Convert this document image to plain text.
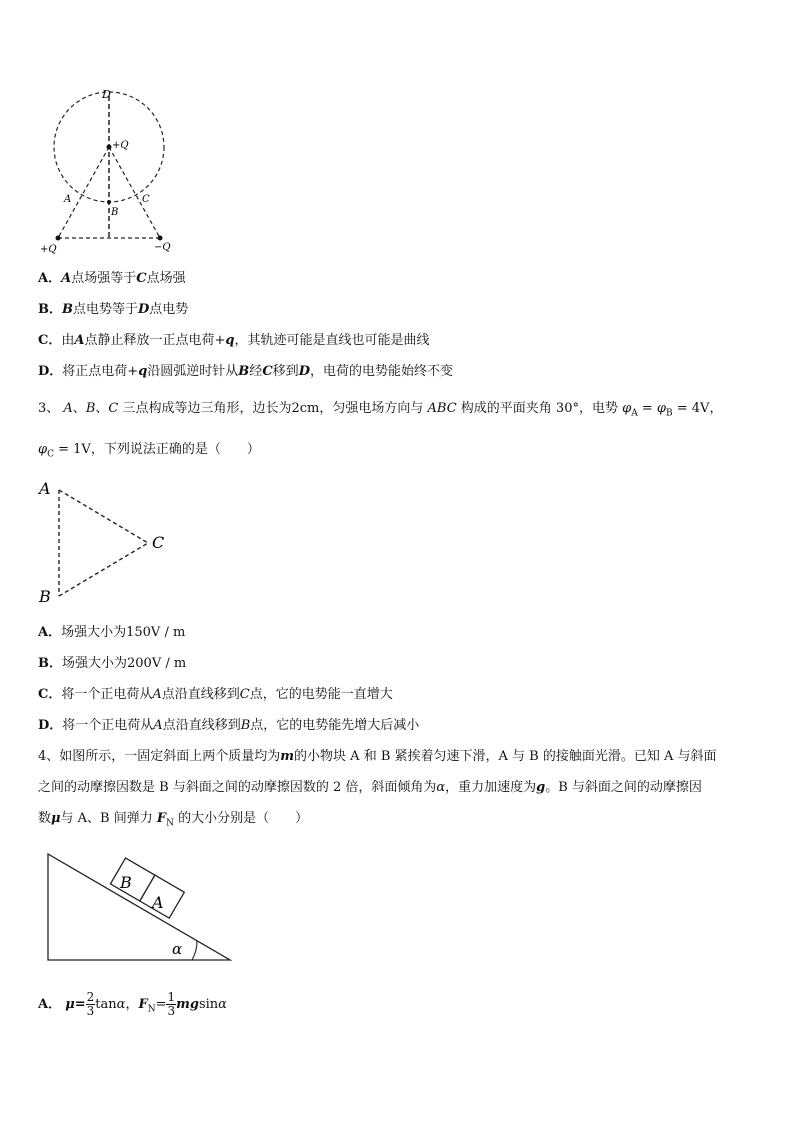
D
+Q
A
B
C
+Q	−Q
A．A点场强等于C点场强
B．B点电势等于D点电势
C．由A点静止释放一正点电荷+q，其轨迹可能是直线也可能是曲线
D．将正点电荷+q沿圆弧逆时针从B经C移到D，电荷的电势能始终不变
3、 A、B、C 三点构成等边三角形，边长为2cm，匀强电场方向与 ABC 构成的平面夹角 30°，电势 $\varphi_A = \varphi_B = 4V$，
$\varphi_C = 1V$，下列说法正确的是（　　）
A
B
C
A．场强大小为150V / m
B．场强大小为200V / m
C．将一个正电荷从A点沿直线移到C点，它的电势能一直增大
D．将一个正电荷从A点沿直线移到B点，它的电势能先增大后减小
4、如图所示，一固定斜面上两个质量均为m的小物块 A 和 B 紧挨着匀速下滑，A 与 B 的接触面光滑。已知 A 与斜面
之间的动摩擦因数是 B 与斜面之间的动摩擦因数的 2 倍，斜面倾角为α，重力加速度为g。B 与斜面之间的动摩擦因
数μ与 A、B 间弹力 $F_N$ 的大小分别是（　　）
B
A
α
A． $\mu= \frac{2}{3}$ tanα，$F_N= \frac{1}{3}$ mgsinα
